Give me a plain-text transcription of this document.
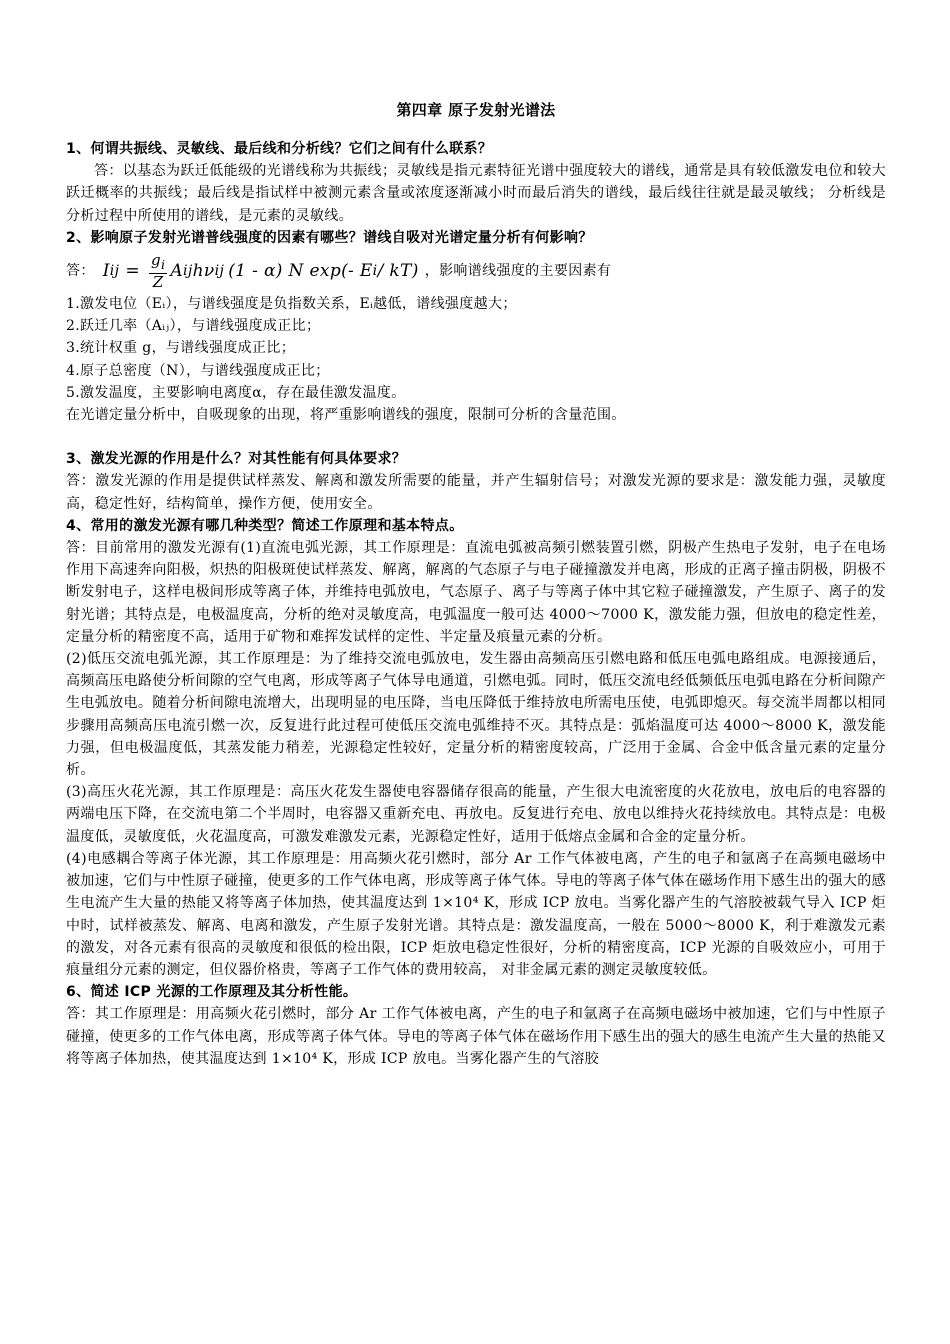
第四章 原子发射光谱法

1、何谓共振线、灵敏线、最后线和分析线？它们之间有什么联系？

答：以基态为跃迁低能级的光谱线称为共振线；灵敏线是指元素特征光谱中强度较大的谱线，通常是具有较低激发电位和较大跃迁概率的共振线；最后线是指试样中被测元素含量或浓度逐渐减小时而最后消失的谱线，最后线往往就是最灵敏线； 分析线是分析过程中所使用的谱线，是元素的灵敏线。

2、影响原子发射光谱普线强度的因素有哪些？谱线自吸对光谱定量分析有何影响？

答： I ij = $\frac{g_i}{Z}$ A ij hν ij (1 - α) N exp(- E i / kT) ，影响谱线强度的主要因素有

1.激发电位（Eᵢ），与谱线强度是负指数关系，Eᵢ越低，谱线强度越大；

2.跃迁几率（Aᵢⱼ），与谱线强度成正比；

3.统计权重 g，与谱线强度成正比；

4.原子总密度（N），与谱线强度成正比；

5.激发温度，主要影响电离度α，存在最佳激发温度。

在光谱定量分析中，自吸现象的出现，将严重影响谱线的强度，限制可分析的含量范围。

3、激发光源的作用是什么？对其性能有何具体要求？

答：激发光源的作用是提供试样蒸发、解离和激发所需要的能量，并产生辐射信号；对激发光源的要求是：激发能力强，灵敏度高，稳定性好，结构简单，操作方便，使用安全。

4、常用的激发光源有哪几种类型？简述工作原理和基本特点。

答：目前常用的激发光源有(1)直流电弧光源，其工作原理是：直流电弧被高频引燃装置引燃，阴极产生热电子发射，电子在电场作用下高速奔向阳极，炽热的阳极斑使试样蒸发、解离，解离的气态原子与电子碰撞激发并电离，形成的正离子撞击阴极，阴极不断发射电子，这样电极间形成等离子体，并维持电弧放电，气态原子、离子与等离子体中其它粒子碰撞激发，产生原子、离子的发射光谱；其特点是，电极温度高，分析的绝对灵敏度高，电弧温度一般可达 4000～7000 K，激发能力强，但放电的稳定性差，定量分析的精密度不高，适用于矿物和难挥发试样的定性、半定量及痕量元素的分析。

(2)低压交流电弧光源，其工作原理是：为了维持交流电弧放电，发生器由高频高压引燃电路和低压电弧电路组成。电源接通后，高频高压电路使分析间隙的空气电离，形成等离子气体导电通道，引燃电弧。同时，低压交流电经低频低压电弧电路在分析间隙产生电弧放电。随着分析间隙电流增大，出现明显的电压降，当电压降低于维持放电所需电压使，电弧即熄灭。每交流半周都以相同步骤用高频高压电流引燃一次，反复进行此过程可使低压交流电弧维持不灭。其特点是：弧焰温度可达 4000～8000 K，激发能力强，但电极温度低，其蒸发能力稍差，光源稳定性较好，定量分析的精密度较高，广泛用于金属、合金中低含量元素的定量分析。

(3)高压火花光源，其工作原理是：高压火花发生器使电容器储存很高的能量，产生很大电流密度的火花放电，放电后的电容器的两端电压下降，在交流电第二个半周时，电容器又重新充电、再放电。反复进行充电、放电以维持火花持续放电。其特点是：电极温度低，灵敏度低，火花温度高，可激发难激发元素，光源稳定性好，适用于低熔点金属和合金的定量分析。

(4)电感耦合等离子体光源，其工作原理是：用高频火花引燃时，部分 Ar 工作气体被电离，产生的电子和氩离子在高频电磁场中被加速，它们与中性原子碰撞，使更多的工作气体电离，形成等离子体气体。导电的等离子体气体在磁场作用下感生出的强大的感生电流产生大量的热能又将等离子体加热，使其温度达到 1×10⁴ K，形成 ICP 放电。当雾化器产生的气溶胶被载气导入 ICP 炬中时，试样被蒸发、解离、电离和激发，产生原子发射光谱。其特点是：激发温度高，一般在 5000～8000 K，利于难激发元素的激发，对各元素有很高的灵敏度和很低的检出限，ICP 炬放电稳定性很好，分析的精密度高，ICP 光源的自吸效应小，可用于痕量组分元素的测定，但仪器价格贵，等离子工作气体的费用较高， 对非金属元素的测定灵敏度较低。

6、简述 ICP 光源的工作原理及其分析性能。

答：其工作原理是：用高频火花引燃时，部分 Ar 工作气体被电离，产生的电子和氩离子在高频电磁场中被加速，它们与中性原子碰撞，使更多的工作气体电离，形成等离子体气体。导电的等离子体气体在磁场作用下感生出的强大的感生电流产生大量的热能又将等离子体加热，使其温度达到 1×10⁴ K，形成 ICP 放电。当雾化器产生的气溶胶
